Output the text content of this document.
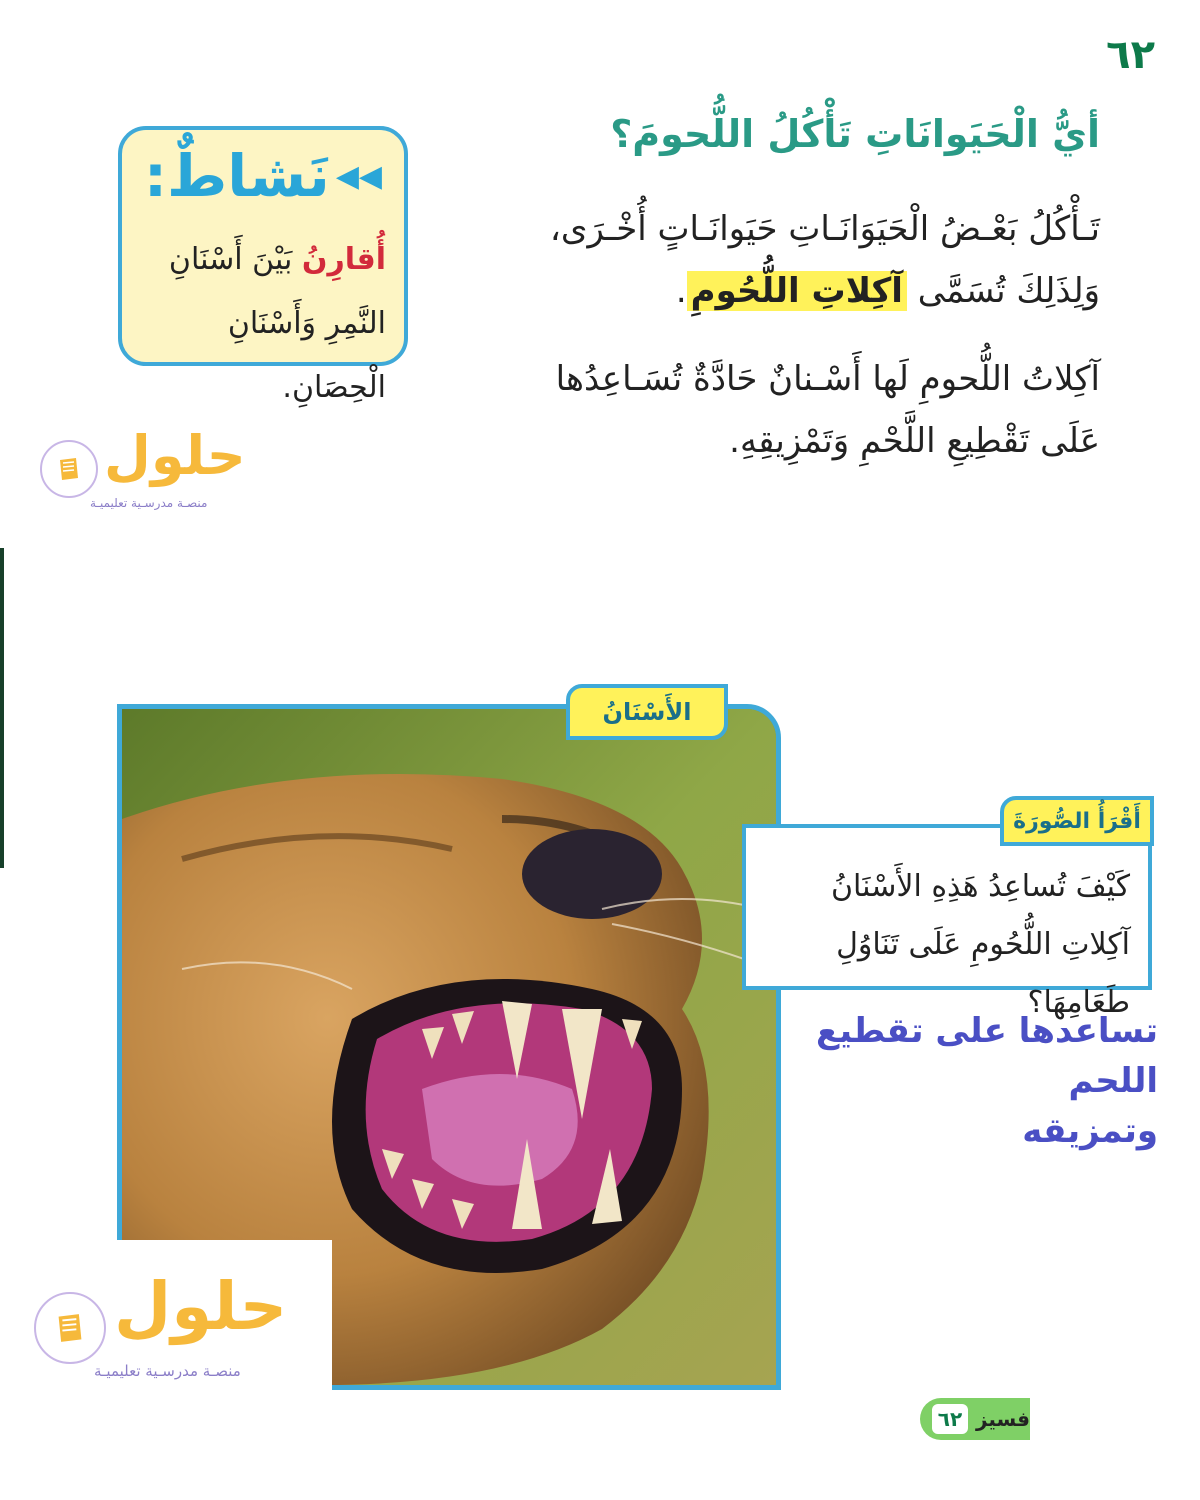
٦٢
أيُّ الْحَيَوانَاتِ تَأْكُلُ اللُّحومَ؟
تَـأْكُلُ بَعْـضُ الْحَيَوَانَـاتِ حَيَوانَـاتٍ أُخْـرَى، وَلِذَلِكَ تُسَمَّى آكِلاتِ اللُّحُومِ.
آكِلاتُ اللُّحومِ لَها أَسْـنانٌ حَادَّةٌ تُسَـاعِدُها عَلَى تَقْطِيعِ اللَّحْمِ وَتَمْزِيقِهِ.
◀◀
نَشاطٌ:
أُقارِنُ بَيْنَ أَسْنَانِ النَّمِرِ وَأَسْنَانِ الْحِصَانِ.
حلول
منصـة مدرسـية تعليميـة
الأَسْنَانُ
كَيْفَ تُساعِدُ هَذِهِ الأَسْنَانُ آكِلاتِ اللُّحُومِ عَلَى تَنَاوُلِ طَعَامِهَا؟
أَقْرَأُ الصُّورَةَ
تساعدها على تقطيع اللحم
وتمزيقه
حلول
منصـة مدرسـية تعليميـة
٦٢ فسيز
